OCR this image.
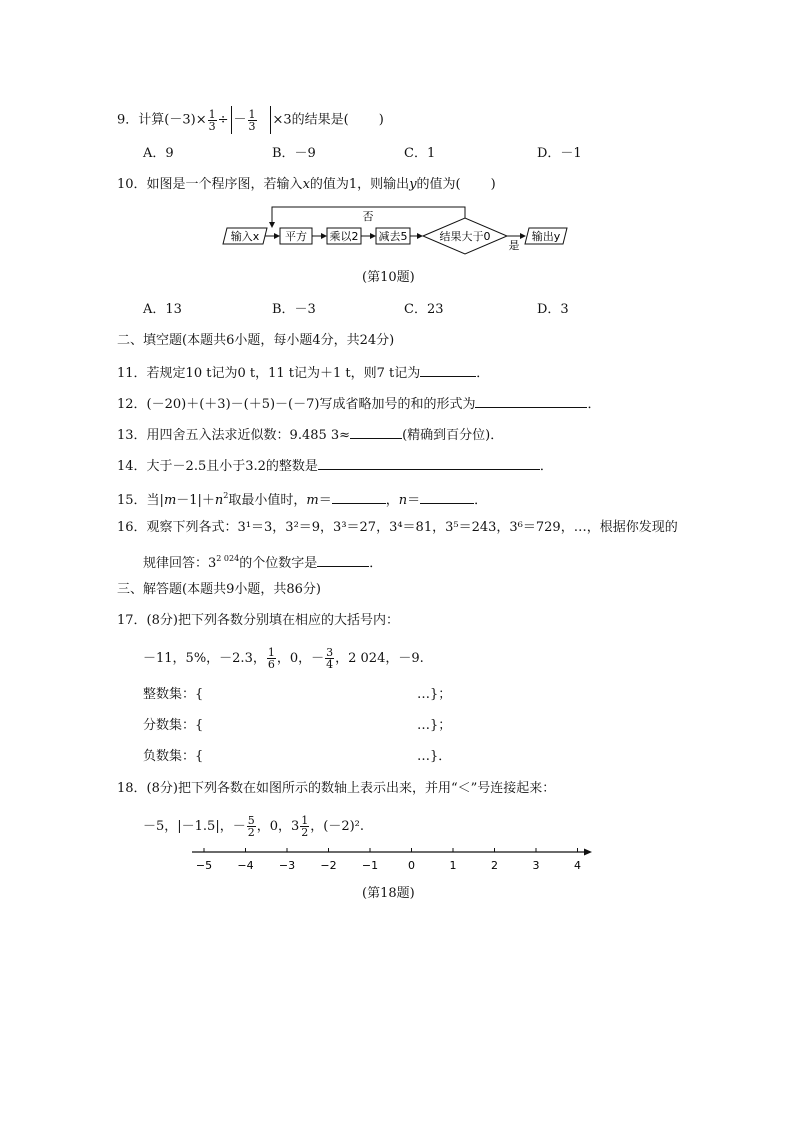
9．计算$(-3)\times \frac{1}{3}$ ÷ － $\frac{1}{3} \times 3$的结果是( )
A．9	B．－9	C．1	D．－1
10．如图是一个程序图，若输入x的值为1，则输出y的值为( )
输入x 平方 乘以2 减去5	结果大于0
否
是
输出y
(第10题)
A．13	B．－3	C．23	D．3
二、填空题(本题共6小题，每小题4分，共24分)
11．若规定10 t记为0 t，11 t记为＋1 t，则7 t记为	．
12．(－20)＋(＋3)－(＋5)－(－7)写成省略加号的和的形式为	．
13．用四舍五入法求近似数：9.485 3≈	(精确到百分位)．
14．大于－2.5且小于3.2的整数是	．
15．当$|m-1|+n^2$取最小值时，m＝	，n＝	．
16．观察下列各式：3¹＝3，3²＝9，3³＝27，3⁴＝81，3⁵＝243，3⁶＝729，…，根据你发现的
规律回答：$3^{2 024}$的个位数字是	．
三、解答题(本题共9小题，共86分)
17．(8分)把下列各数分别填在相应的大括号内：
－11，5%，－2.3， $\frac{1}{6}$ ，0，－ $\frac{3}{4}$ ，2 024，－9.
整数集：{	…}；
分数集：{	…}；
负数集：{	…}．
18．(8分)把下列各数在如图所示的数轴上表示出来，并用“＜”号连接起来：
－5，|－1.5|，－ $\frac{5}{2}$ ，0，$3 \frac{1}{2}$ ，(－2)².
−5 −4 −3 −2 −1	0	1	2	3	4
(第18题)
